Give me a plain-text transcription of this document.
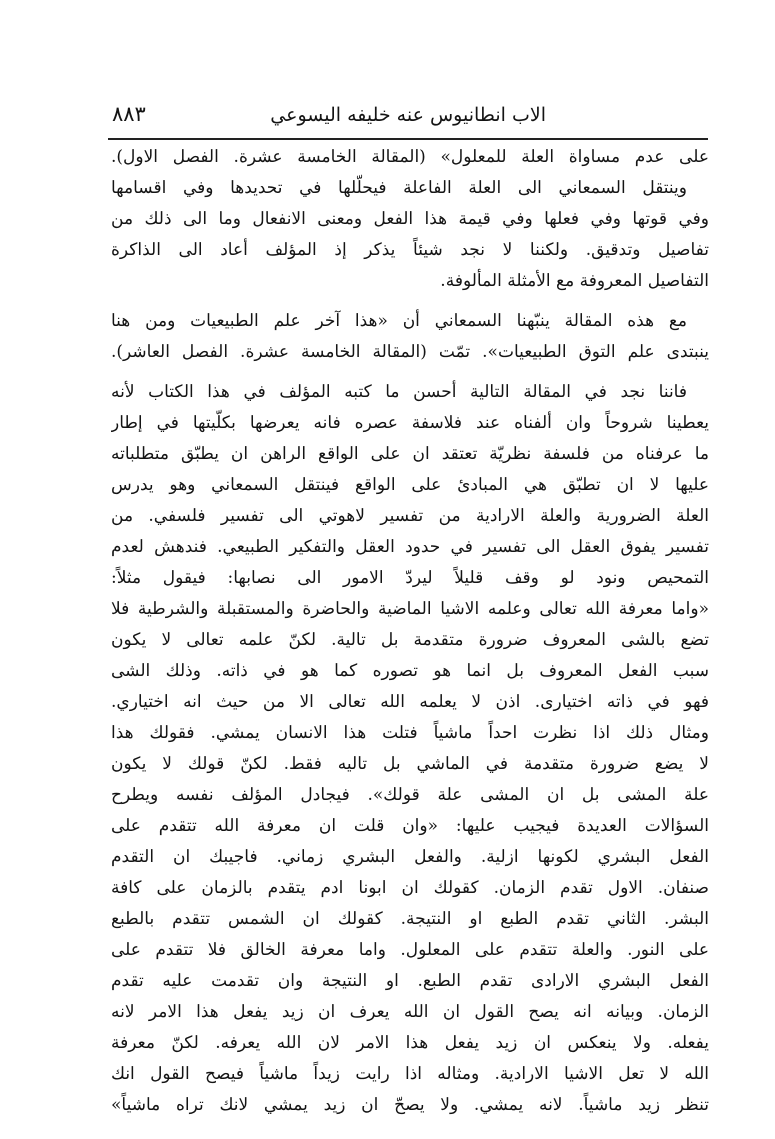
الاب انطانيوس عنه خليفه اليسوعي
٨٨٣
على عدم مساواة العلة للمعلول» (المقالة الخامسة عشرة. الفصل الاول).
وينتقل السمعاني الى العلة الفاعلة فيحلّلها في تحديدها وفي اقسامها
وفي قوتها وفي فعلها وفي قيمة هذا الفعل ومعنى الانفعال وما الى ذلك من
تفاصيل وتدقيق. ولكننا لا نجد شيئاً يذكر إذ المؤلف أعاد الى الذاكرة
التفاصيل المعروفة مع الأمثلة المألوفة.
مع هذه المقالة ينبّهنا السمعاني أن «هذا آخر علم الطبيعيات ومن هنا
ينبتدى علم التوق الطبيعيات». تمّت (المقالة الخامسة عشرة. الفصل العاشر).
فاننا نجد في المقالة التالية أحسن ما كتبه المؤلف في هذا الكتاب لأنه
يعطينا شروحاً وان ألفناه عند فلاسفة عصره فانه يعرضها بكلّيتها في إطار
ما عرفناه من فلسفة نظريّة تعتقد ان على الواقع الراهن ان يطبّق متطلباته
عليها لا ان تطبّق هي المبادئ على الواقع فينتقل السمعاني وهو يدرس
العلة الضرورية والعلة الارادية من تفسير لاهوتي الى تفسير فلسفي. من
تفسير يفوق العقل الى تفسير في حدود العقل والتفكير الطبيعي. فندهش لعدم
التمحيص ونود لو وقف قليلاً ليردّ الامور الى نصابها: فيقول مثلاً:
«واما معرفة الله تعالى وعلمه الاشيا الماضية والحاضرة والمستقبلة والشرطية فلا
تضع بالشى المعروف ضرورة متقدمة بل تالية. لكنّ علمه تعالى لا يكون
سبب الفعل المعروف بل انما هو تصوره كما هو في ذاته. وذلك الشى
فهو في ذاته اختيارى. اذن لا يعلمه الله تعالى الا من حيث انه اختياري.
ومثال ذلك اذا نظرت احداً ماشياً فتلت هذا الانسان يمشي. فقولك هذا
لا يضع ضرورة متقدمة في الماشي بل تاليه فقط. لكنّ قولك لا يكون
علة المشى بل ان المشى علة قولك». فيجادل المؤلف نفسه ويطرح
السؤالات العديدة فيجيب عليها: «وان قلت ان معرفة الله تتقدم على
الفعل البشري لكونها ازلية. والفعل البشري زماني. فاجيبك ان التقدم
صنفان. الاول تقدم الزمان. كقولك ان ابونا ادم يتقدم بالزمان على كافة
البشر. الثاني تقدم الطبع او النتيجة. كقولك ان الشمس تتقدم بالطبع
على النور. والعلة تتقدم على المعلول. واما معرفة الخالق فلا تتقدم على
الفعل البشري الارادى تقدم الطبع. او النتيجة وان تقدمت عليه تقدم
الزمان. وبيانه انه يصح القول ان الله يعرف ان زيد يفعل هذا الامر لانه
يفعله. ولا ينعكس ان زيد يفعل هذا الامر لان الله يعرفه. لكنّ معرفة
الله لا تعل الاشيا الارادية. ومثاله اذا رايت زيداً ماشياً فيصح القول انك
تنظر زيد ماشياً. لانه يمشي. ولا يصحّ ان زيد يمشي لانك تراه ماشياً»
